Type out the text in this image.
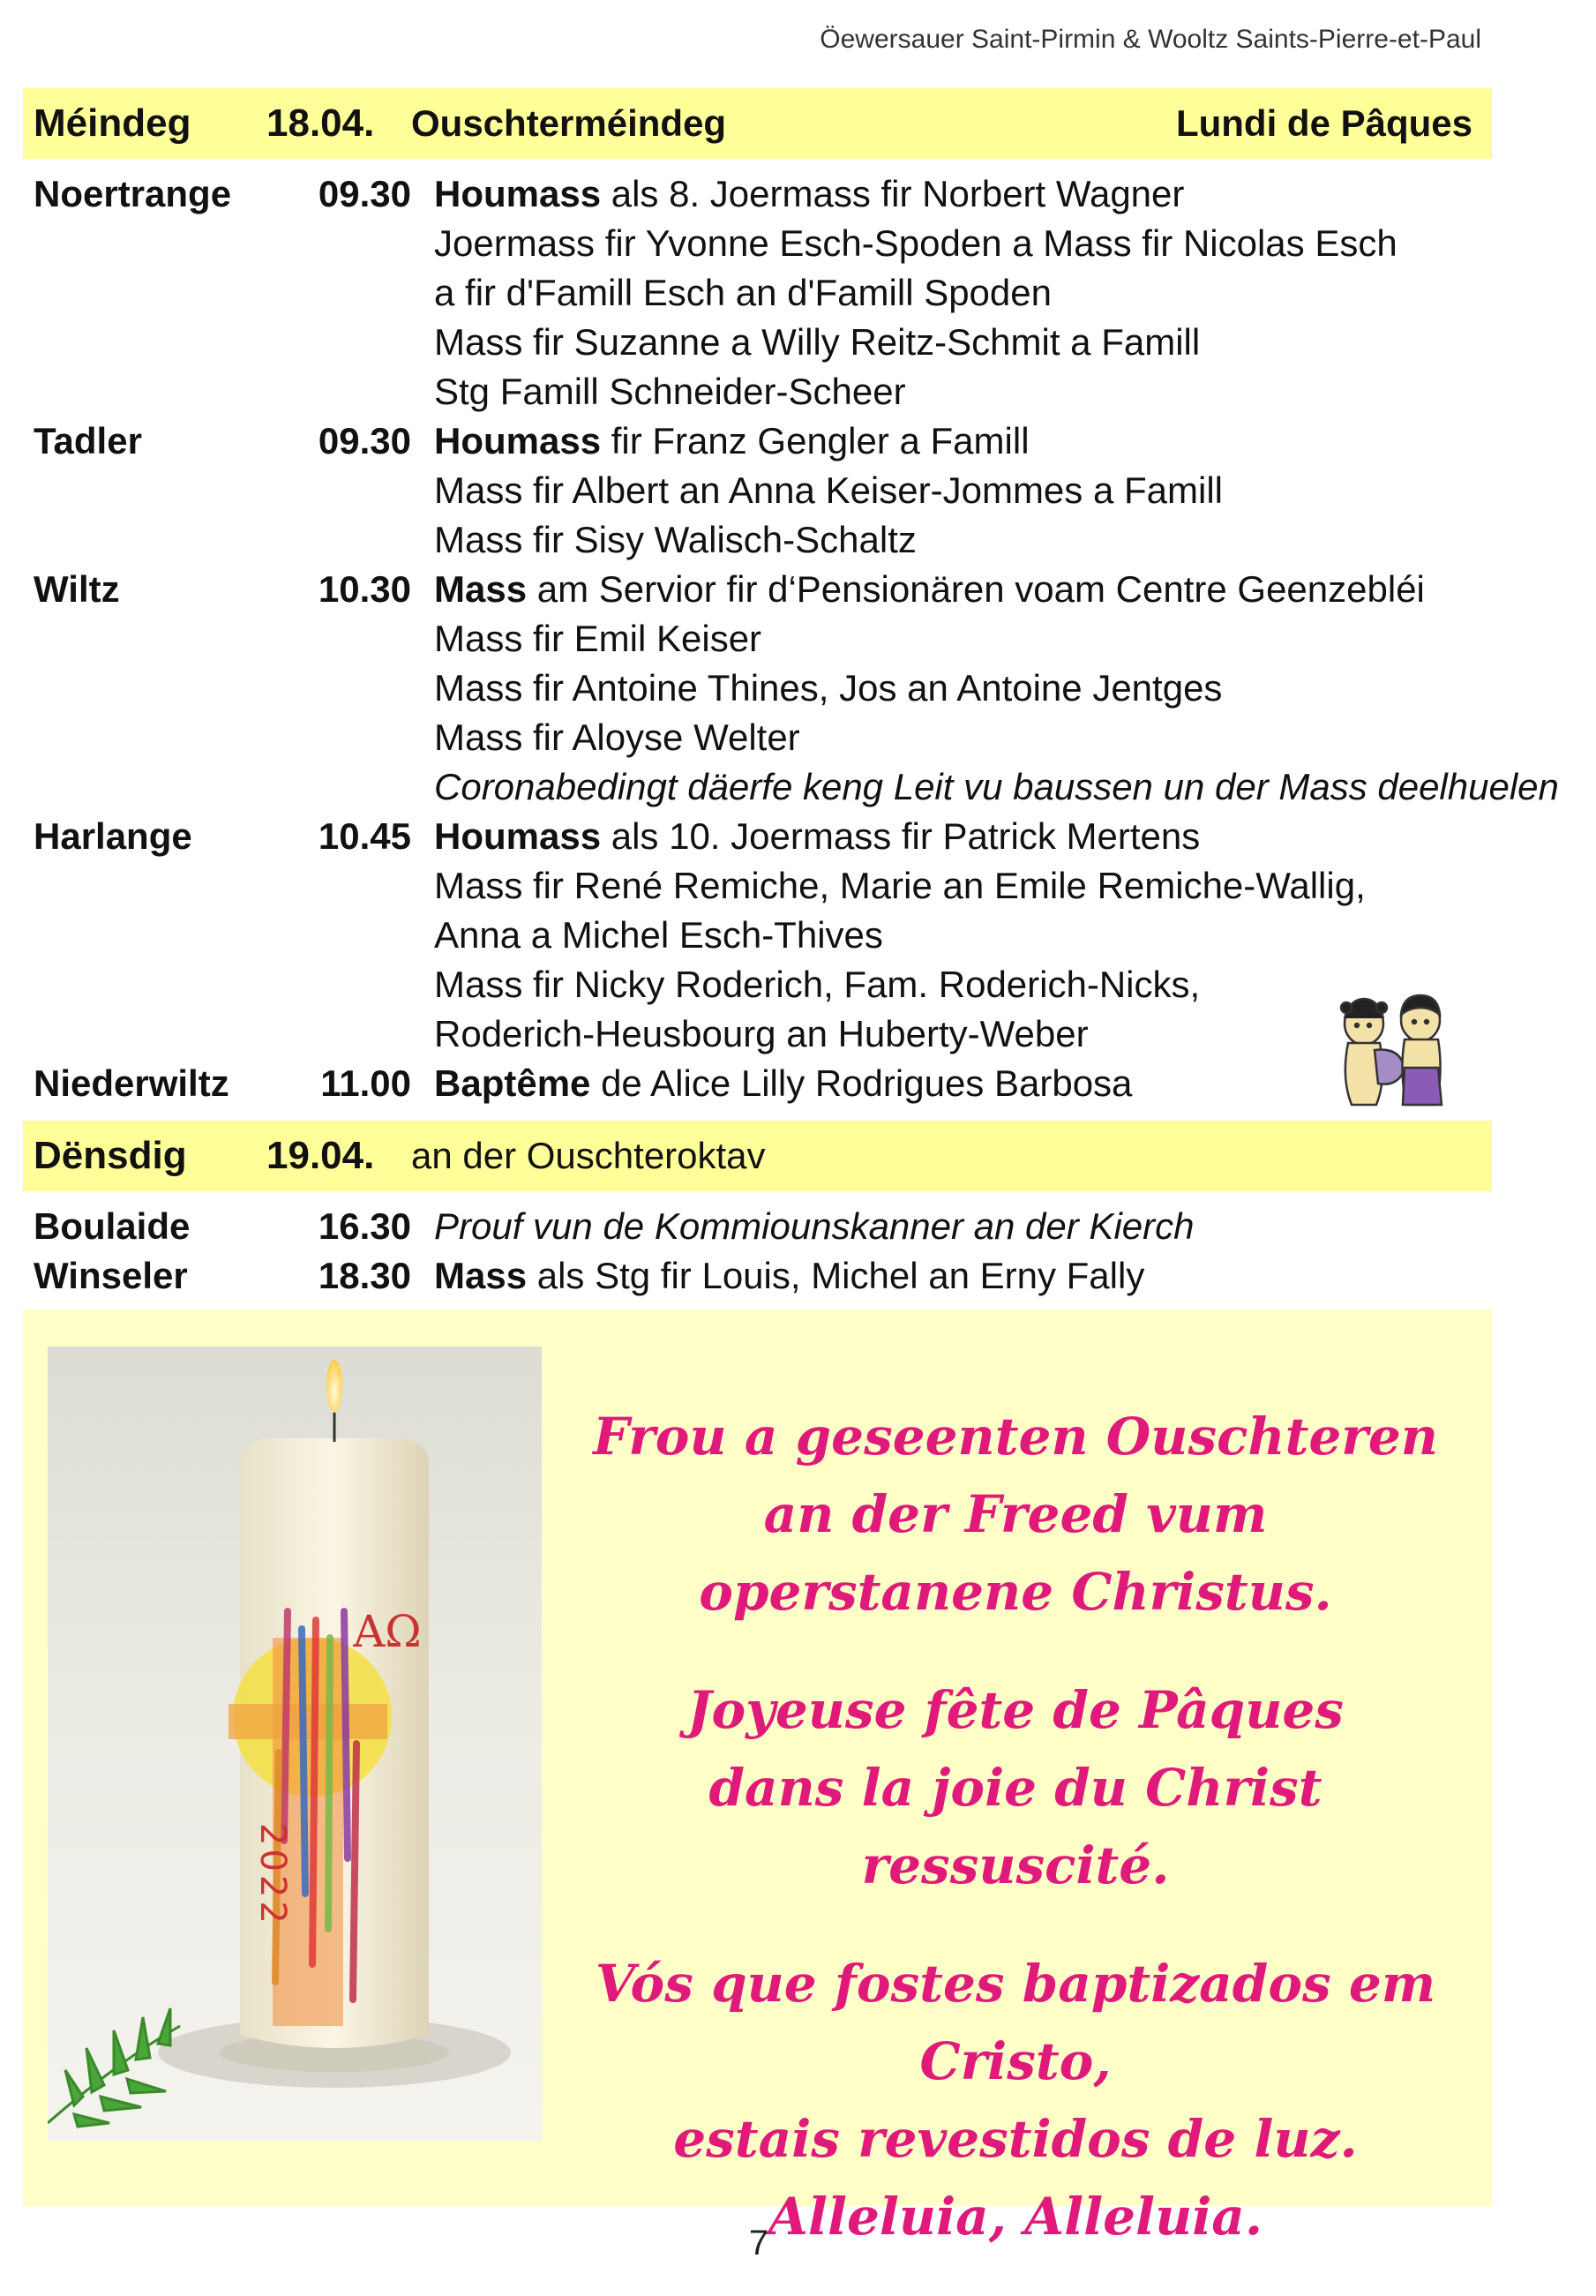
Öewersauer Saint-Pirmin & Wooltz Saints-Pierre-et-Paul
Méindeg 18.04. Ouschterméindeg	Lundi de Pâques
Noertrange	09.30 Houmass als 8. Joermass fir Norbert Wagner
Joermass fir Yvonne Esch-Spoden a Mass fir Nicolas Esch
a fir d'Famill Esch an d'Famill Spoden
Mass fir Suzanne a Willy Reitz-Schmit a Famill
Stg Famill Schneider-Scheer
Tadler	09.30 Houmass fir Franz Gengler a Famill
Mass fir Albert an Anna Keiser-Jommes a Famill
Mass fir Sisy Walisch-Schaltz
Wiltz	10.30 Mass am Servior fir d‘Pensionären voam Centre Geenzebléi
Mass fir Emil Keiser
Mass fir Antoine Thines, Jos an Antoine Jentges
Mass fir Aloyse Welter
Coronabedingt däerfe keng Leit vu baussen un der Mass deelhuelen
Harlange	10.45 Houmass als 10. Joermass fir Patrick Mertens
Mass fir René Remiche, Marie an Emile Remiche-Wallig,
Anna a Michel Esch-Thives
Mass fir Nicky Roderich, Fam. Roderich-Nicks,
Roderich-Heusbourg an Huberty-Weber
Niederwiltz	11.00 Baptême de Alice Lilly Rodrigues Barbosa
Dënsdig 19.04. an der Ouschteroktav
Boulaide	16.30 Prouf vun de Kommiounskanner an der Kierch
Winseler	18.30 Mass als Stg fir Louis, Michel an Erny Fally
AΩ
2022
Frou a geseenten Ouschteren
an der Freed vum
operstanene Christus.
Joyeuse fête de Pâques
dans la joie du Christ ressuscité.
Vós que fostes baptizados em Cristo,
estais revestidos de luz.
Alleluia, Alleluia.
7
